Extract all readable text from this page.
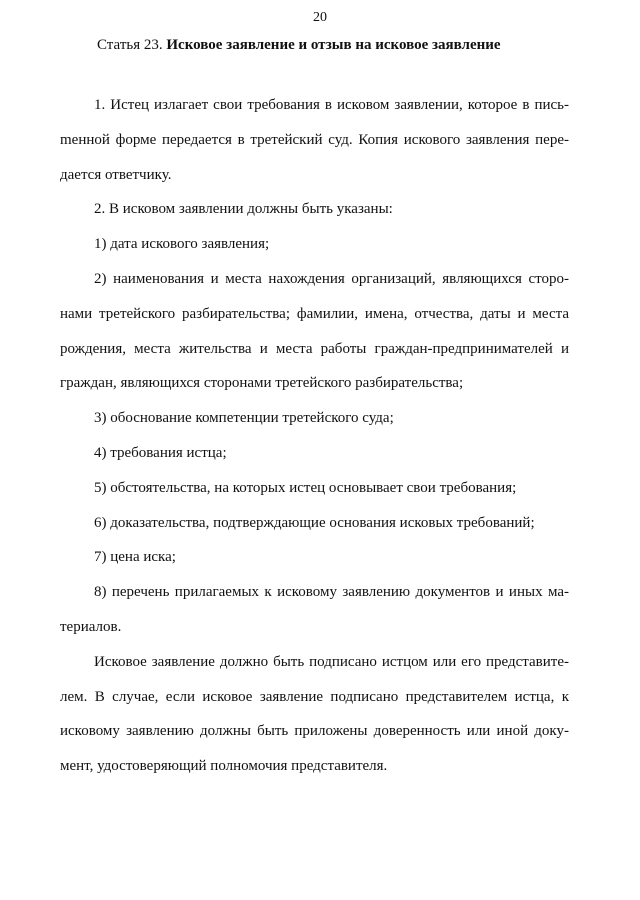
20
Статья 23. Исковое заявление и отзыв на исковое заявление

1. Истец излагает свои требования в исковом заявлении, которое в письmенной форме передается в третейский суд. Копия искового заявления передается ответчику.

2. В исковом заявлении должны быть указаны:

1) дата искового заявления;

2) наименования и места нахождения организаций, являющихся сторонами третейского разбирательства; фамилии, имена, отчества, даты и места рождения, места жительства и места работы граждан-предпринимателей и граждан, являющихся сторонами третейского разбирательства;

3) обоснование компетенции третейского суда;

4) требования истца;

5) обстоятельства, на которых истец основывает свои требования;

6) доказательства, подтверждающие основания исковых требований;

7) цена иска;

8) перечень прилагаемых к исковому заявлению документов и иных материалов.

Исковое заявление должно быть подписано истцом или его представителем. В случае, если исковое заявление подписано представителем истца, к исковому заявлению должны быть приложены доверенность или иной документ, удостоверяющий полномочия представителя.
